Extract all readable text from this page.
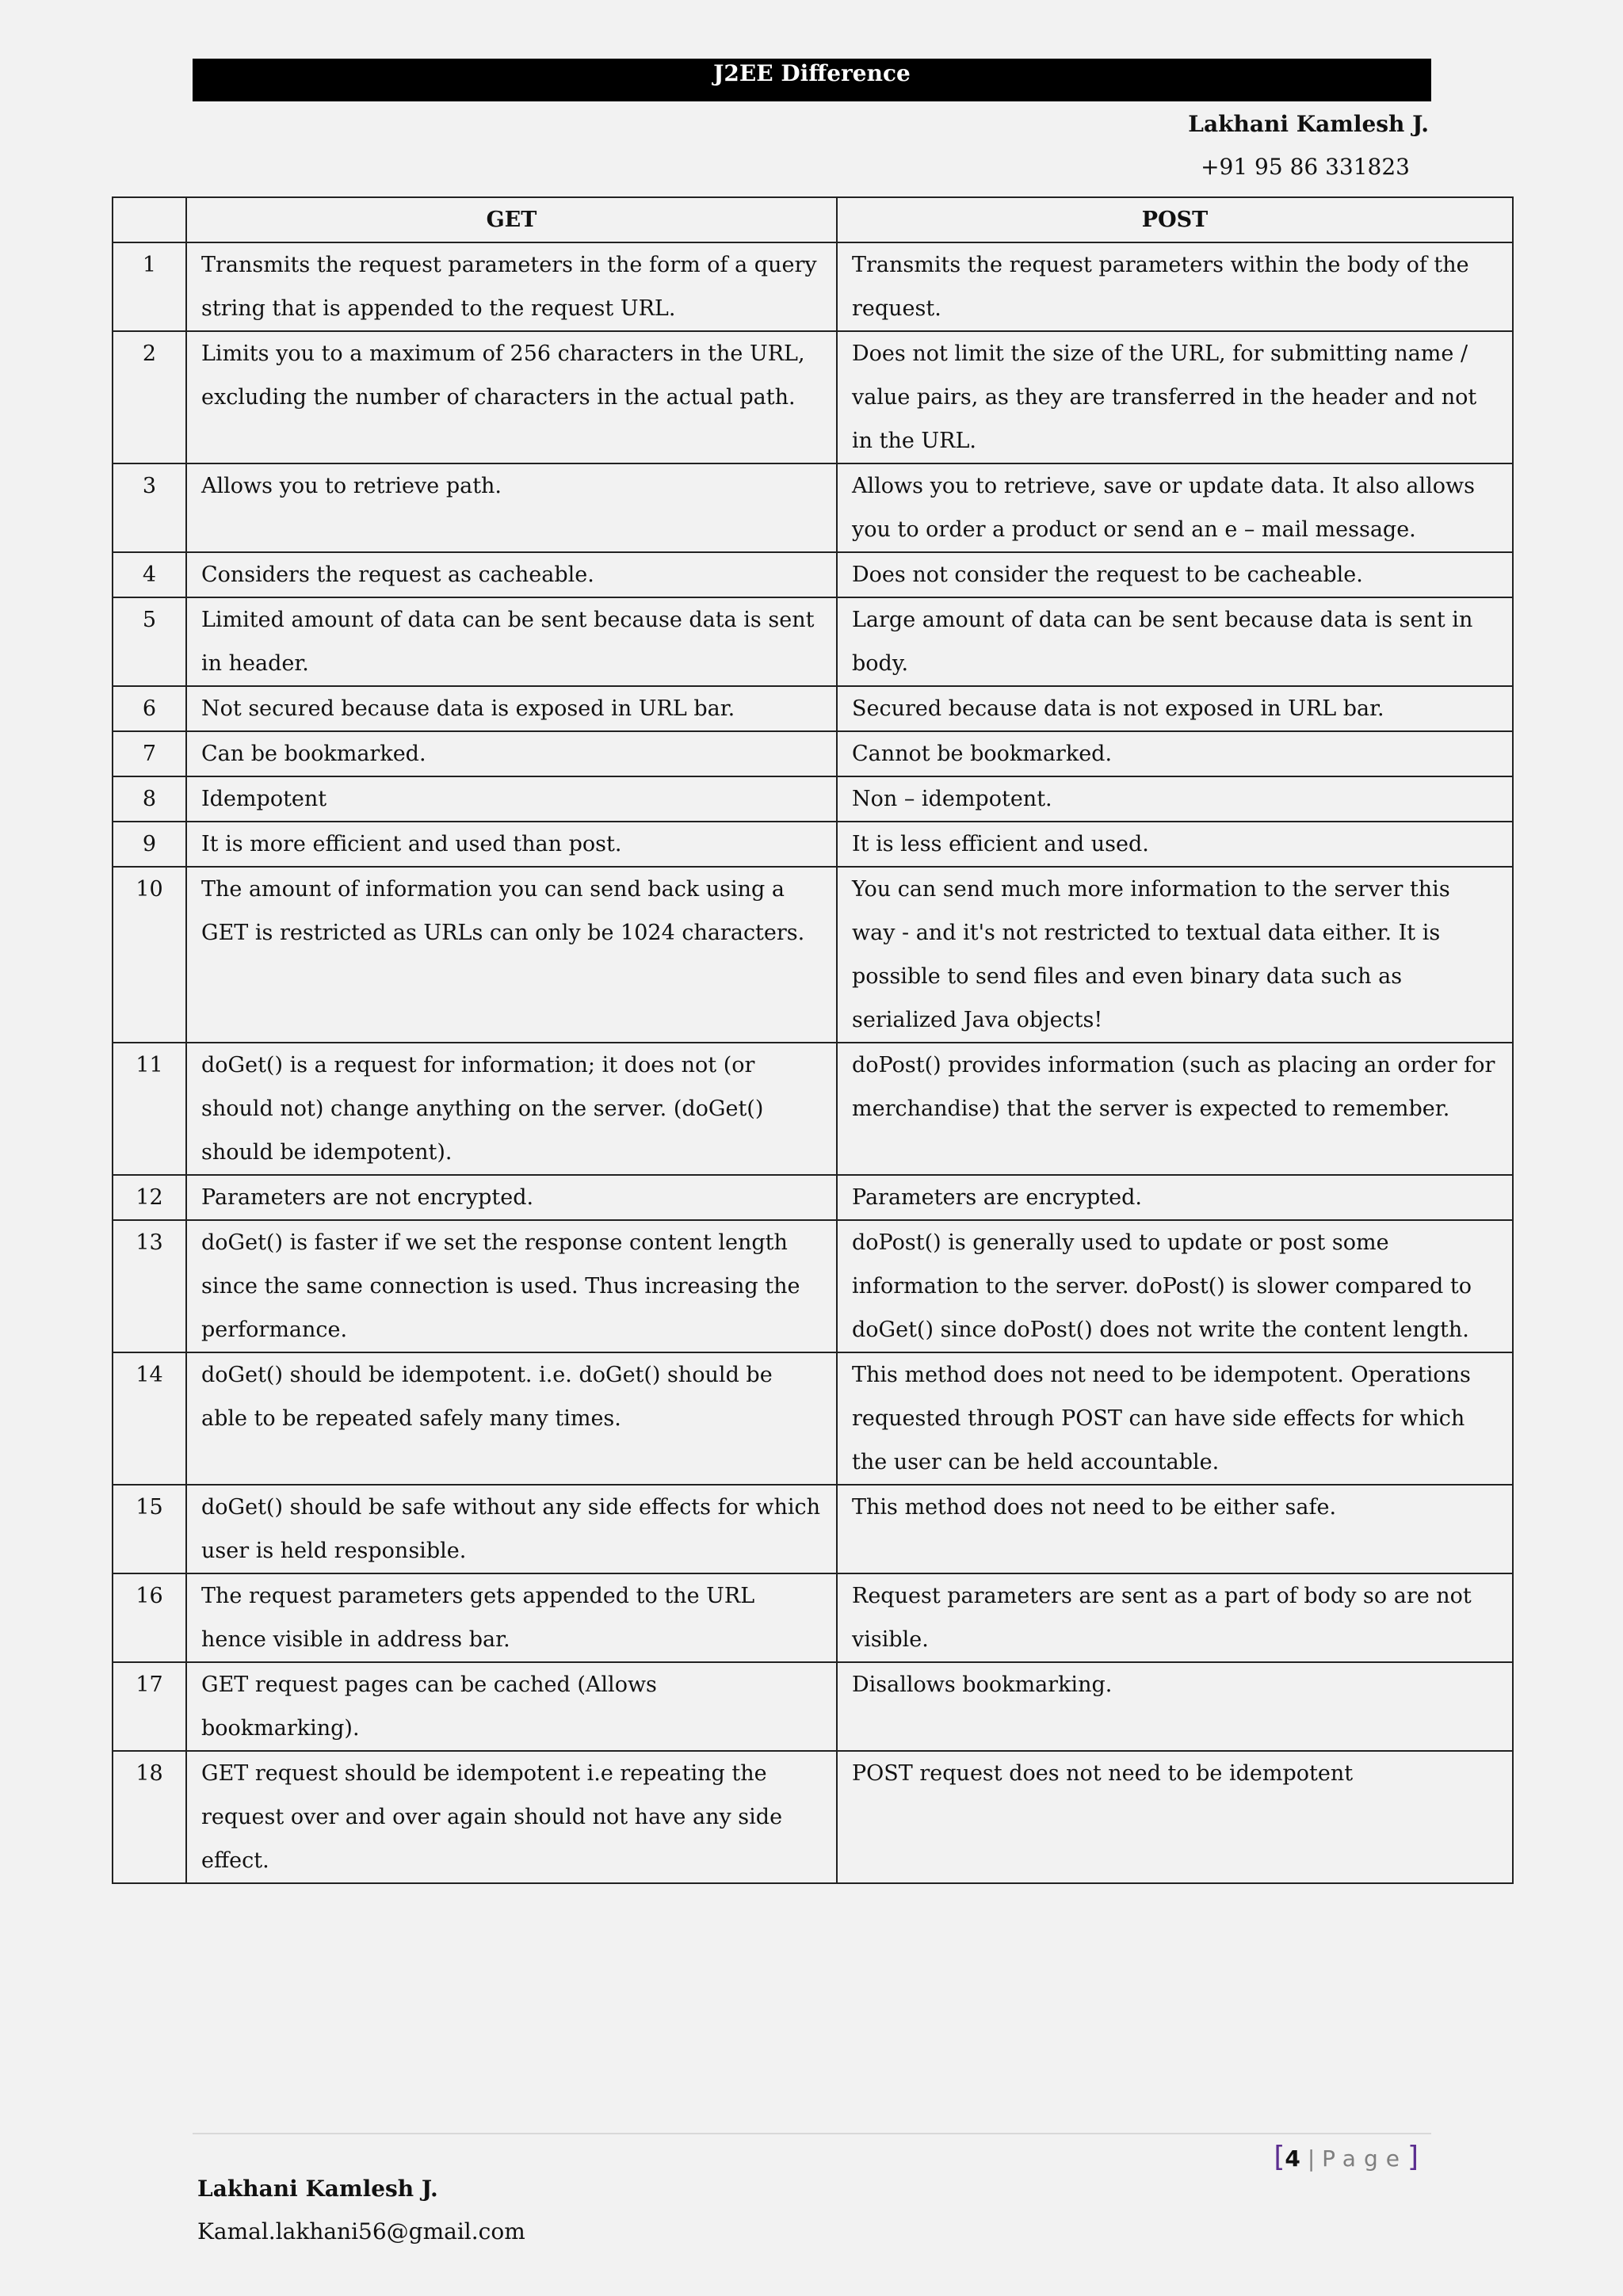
J2EE Difference
Lakhani Kamlesh J.
+91 95 86 331823
	GET	POST
1	Transmits the request parameters in the form of a query string that is appended to the request URL.	Transmits the request parameters within the body of the request.
2	Limits you to a maximum of 256 characters in the URL, excluding the number of characters in the actual path.	Does not limit the size of the URL, for submitting name / value pairs, as they are transferred in the header and not in the URL.
3	Allows you to retrieve path.	Allows you to retrieve, save or update data. It also allows you to order a product or send an e – mail message.
4	Considers the request as cacheable.	Does not consider the request to be cacheable.
5	Limited amount of data can be sent because data is sent in header.	Large amount of data can be sent because data is sent in body.
6	Not secured because data is exposed in URL bar.	Secured because data is not exposed in URL bar.
7	Can be bookmarked.	Cannot be bookmarked.
8	Idempotent	Non – idempotent.
9	It is more efficient and used than post.	It is less efficient and used.
10	The amount of information you can send back using a GET is restricted as URLs can only be 1024 characters.	You can send much more information to the server this way - and it's not restricted to textual data either. It is possible to send files and even binary data such as serialized Java objects!
11	doGet() is a request for information; it does not (or should not) change anything on the server. (doGet() should be idempotent).	doPost() provides information (such as placing an order for merchandise) that the server is expected to remember.
12	Parameters are not encrypted.	Parameters are encrypted.
13	doGet() is faster if we set the response content length since the same connection is used. Thus increasing the performance.	doPost() is generally used to update or post some information to the server. doPost() is slower compared to doGet() since doPost() does not write the content length.
14	doGet() should be idempotent. i.e. doGet() should be able to be repeated safely many times.	This method does not need to be idempotent. Operations requested through POST can have side effects for which the user can be held accountable.
15	doGet() should be safe without any side effects for which user is held responsible.	This method does not need to be either safe.
16	The request parameters gets appended to the URL hence visible in address bar.	Request parameters are sent as a part of body so are not visible.
17	GET request pages can be cached (Allows bookmarking).	Disallows bookmarking.
18	GET request should be idempotent i.e repeating the request over and over again should not have any side effect.	POST request does not need to be idempotent
[4 | Page]
Lakhani Kamlesh J.
Kamal.lakhani56@gmail.com
